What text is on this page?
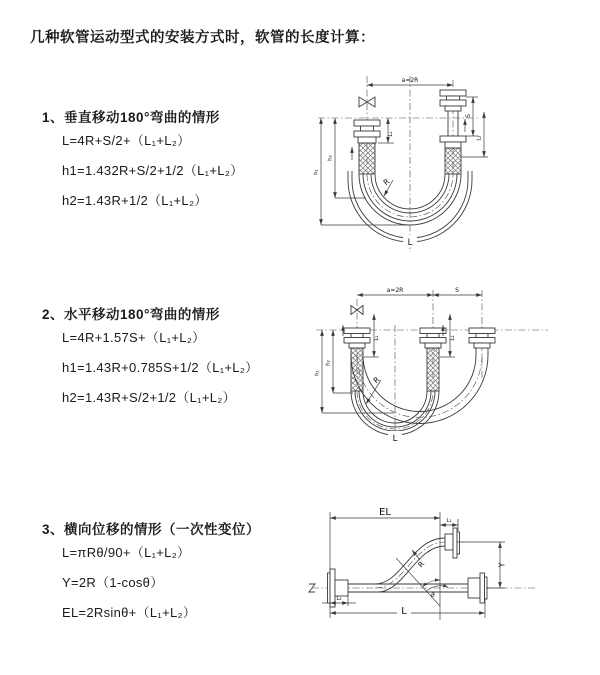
几种软管运动型式的安装方式时，软管的长度计算：
1、垂直移动180°弯曲的情形
L=4R+S/2+（L₁+L₂）
h1=1.432R+S/2+1/2（L₁+L₂）
h2=1.43R+1/2（L₁+L₂）
a=2R
L₁
S
L₂
h₂
h₁
R
L
2、水平移动180°弯曲的情形
L=4R+1.57S+（L₁+L₂）
h1=1.43R+0.785S+1/2（L₁+L₂）
h2=1.43R+S/2+1/2（L₁+L₂）
a=2R	S
L₁	L₂
h₂
h₁
R
L
3、横向位移的情形（一次性变位）
L=πRθ/90+（L₁+L₂）
Y=2R（1-cosθ）
EL=2Rsinθ+（L₁+L₂）
EL
L₁
θ
R	Y
L₂
L
